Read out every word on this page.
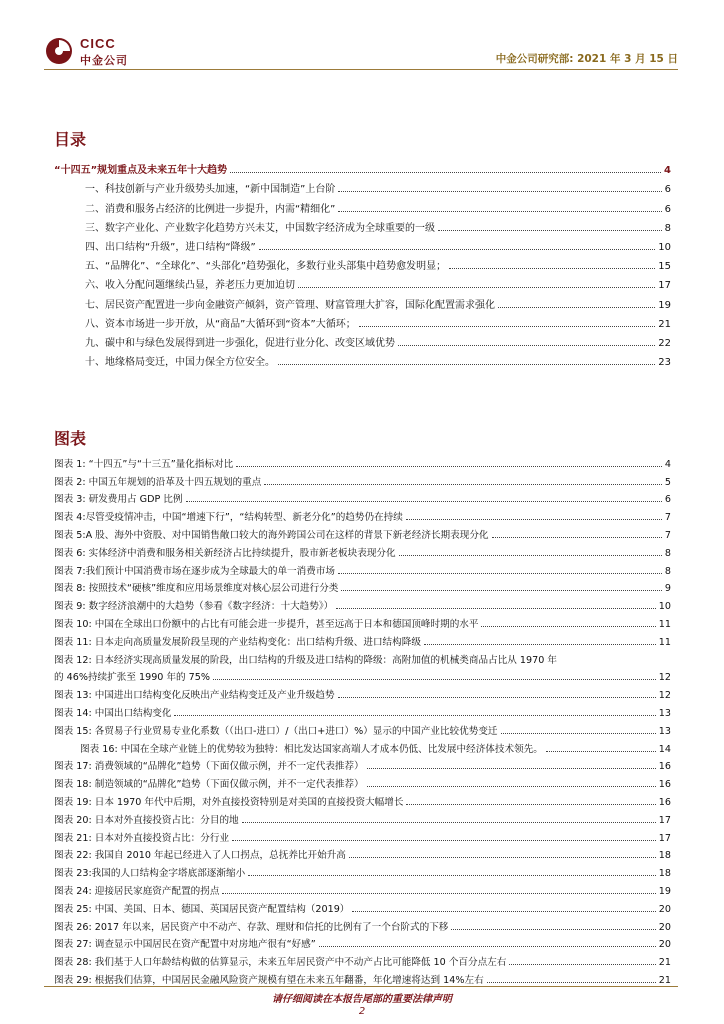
CICC
中金公司	中金公司研究部: 2021 年 3 月 15 日
目录
“十四五”规划重点及未来五年十大趋势	4
一、科技创新与产业升级势头加速，“新中国制造”上台阶	6
二、消费和服务占经济的比例进一步提升，内需“精细化”	6
三、数字产业化、产业数字化趋势方兴未艾，中国数字经济成为全球重要的一级	8
四、出口结构“升级”，进口结构“降级”	10
五、“品牌化”、“全球化”、“头部化”趋势强化，多数行业头部集中趋势愈发明显；	15
六、收入分配问题继续凸显，养老压力更加迫切	17
七、居民资产配置进一步向金融资产倾斜，资产管理、财富管理大扩容，国际化配置需求强化	19
八、资本市场进一步开放，从“商品”大循环到“资本”大循环；	21
九、碳中和与绿色发展得到进一步强化，促进行业分化、改变区域优势	22
十、地缘格局变迁，中国力保全方位安全。	23
图表
图表 1: “十四五”与“十三五”量化指标对比	4
图表 2: 中国五年规划的沿革及十四五规划的重点	5
图表 3: 研发费用占 GDP 比例	6
图表 4:尽管受疫情冲击，中国“增速下行”，“结构转型、新老分化”的趋势仍在持续	7
图表 5:A 股、海外中资股、对中国销售敞口较大的海外跨国公司在这样的背景下新老经济长期表现分化	7
图表 6: 实体经济中消费和服务相关新经济占比持续提升，股市新老板块表现分化	8
图表 7:我们预计中国消费市场在逐步成为全球最大的单一消费市场	8
图表 8: 按照技术“硬核”维度和应用场景维度对核心层公司进行分类	9
图表 9: 数字经济浪潮中的大趋势（参看《数字经济：十大趋势》）	10
图表 10: 中国在全球出口份额中的占比有可能会进一步提升，甚至远高于日本和德国顶峰时期的水平	11
图表 11: 日本走向高质量发展阶段呈现的产业结构变化：出口结构升级、进口结构降级	11
图表 12: 日本经济实现高质量发展的阶段，出口结构的升级及进口结构的降级：高附加值的机械类商品占比从 1970 年
的 46%持续扩张至 1990 年的 75%	12
图表 13: 中国进出口结构变化反映出产业结构变迁及产业升级趋势	12
图表 14: 中国出口结构变化	13
图表 15: 各贸易子行业贸易专业化系数（（出口-进口）/（出口+进口）%）显示的中国产业比较优势变迁	13
图表 16: 中国在全球产业链上的优势较为独特：相比发达国家高端人才成本仍低、比发展中经济体技术领先。	14
图表 17: 消费领域的“品牌化”趋势（下面仅做示例，并不一定代表推荐）	16
图表 18: 制造领域的“品牌化”趋势（下面仅做示例，并不一定代表推荐）	16
图表 19: 日本 1970 年代中后期，对外直接投资特别是对美国的直接投资大幅增长	16
图表 20: 日本对外直接投资占比：分目的地	17
图表 21: 日本对外直接投资占比：分行业	17
图表 22: 我国自 2010 年起已经进入了人口拐点，总抚养比开始升高	18
图表 23:我国的人口结构金字塔底部逐渐缩小	18
图表 24: 迎接居民家庭资产配置的拐点	19
图表 25: 中国、美国、日本、德国、英国居民资产配置结构（2019）	20
图表 26: 2017 年以来，居民资产中不动产、存款、理财和信托的比例有了一个台阶式的下移	20
图表 27: 调查显示中国居民在资产配置中对房地产很有“好感”	20
图表 28: 我们基于人口年龄结构做的估算显示，未来五年居民资产中不动产占比可能降低 10 个百分点左右	21
图表 29: 根据我们估算，中国居民金融风险资产规模有望在未来五年翻番，年化增速将达到 14%左右	21
请仔细阅读在本报告尾部的重要法律声明
2
